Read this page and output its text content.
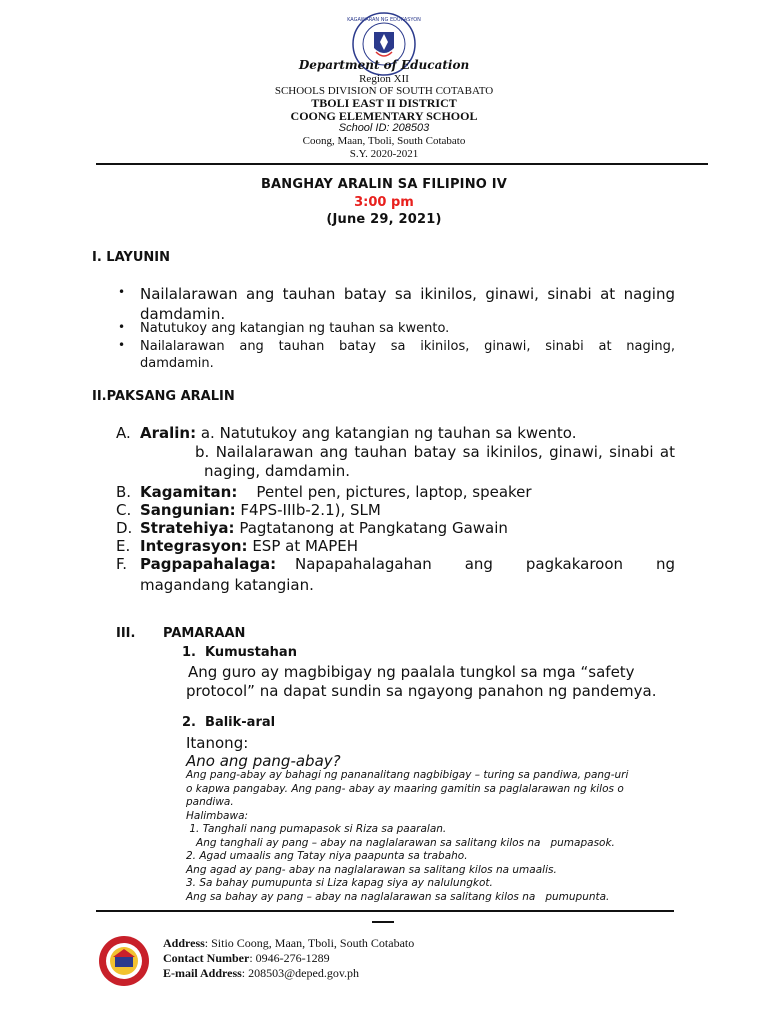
KAGAWARAN NG EDUKASYON
Department of Education
Region XII
SCHOOLS DIVISION OF SOUTH COTABATO
TBOLI EAST II DISTRICT
COONG ELEMENTARY SCHOOL
School ID: 208503
Coong, Maan, Tboli, South Cotabato
S.Y. 2020-2021
BANGHAY ARALIN SA FILIPINO IV
3:00 pm
(June 29, 2021)
I. LAYUNIN
• Nailalarawan ang tauhan batay sa ikinilos, ginawi, sinabi at naging
damdamin.
• Natutukoy ang katangian ng tauhan sa kwento.
• Nailalarawan ang tauhan batay sa ikinilos, ginawi, sinabi at naging,
damdamin.
II.PAKSANG ARALIN
A. Aralin: a. Natutukoy ang katangian ng tauhan sa kwento.
b. Nailalarawan ang tauhan batay sa ikinilos, ginawi, sinabi at
naging, damdamin.
B. Kagamitan:    Pentel pen, pictures, laptop, speaker
C. Sangunian: F4PS-IIIb-2.1), SLM
D. Stratehiya: Pagtatanong at Pangkatang Gawain
E. Integrasyon: ESP at MAPEH
F. Pagpapahalaga: Napapahalagahan ang pagkakaroon ng
magandang katangian.
III. PAMARAAN
1.  Kumustahan
Ang guro ay magbibigay ng paalala tungkol sa mga “safety
protocol” na dapat sundin sa ngayong panahon ng pandemya.
2.  Balik-aral
Itanong:
Ano ang pang-abay?
Ang pang-abay ay bahagi ng pananalitang nagbibigay – turing sa pandiwa, pang-uri
o kapwa pangabay. Ang pang- abay ay maaring gamitin sa paglalarawan ng kilos o
pandiwa.
Halimbawa:
1. Tanghali nang pumapasok si Riza sa paaralan.
Ang tanghali ay pang – abay na naglalarawan sa salitang kilos na   pumapasok.
2. Agad umaalis ang Tatay niya paapunta sa trabaho.
Ang agad ay pang- abay na naglalarawan sa salitang kilos na umaalis.
3. Sa bahay pumupunta si Liza kapag siya ay nalulungkot.
Ang sa bahay ay pang – abay na naglalarawan sa salitang kilos na   pumupunta.
Address: Sitio Coong, Maan, Tboli, South Cotabato
Contact Number: 0946-276-1289
E-mail Address: 208503@deped.gov.ph
